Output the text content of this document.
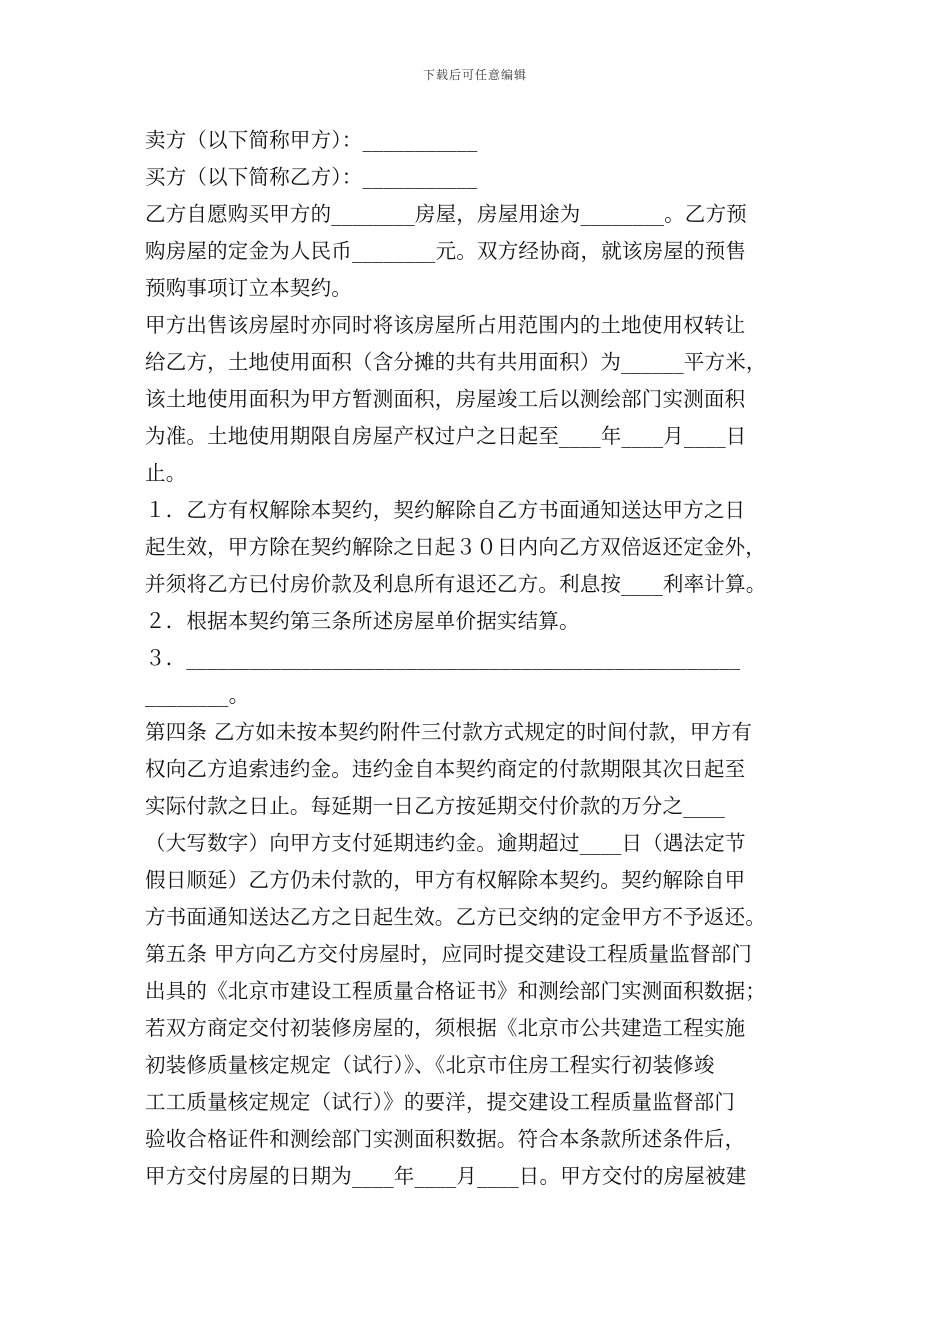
下载后可任意编辑
卖方（以下简称甲方）：___________
买方（以下简称乙方）：___________
乙方自愿购买甲方的________房屋，房屋用途为________。乙方预
购房屋的定金为人民币________元。双方经协商，就该房屋的预售
预购事项订立本契约。
甲方出售该房屋时亦同时将该房屋所占用范围内的土地使用权转让
给乙方，土地使用面积（含分摊的共有共用面积）为______平方米，
该土地使用面积为甲方暂测面积，房屋竣工后以测绘部门实测面积
为准。土地使用期限自房屋产权过户之日起至____年____月____日
止。
１．乙方有权解除本契约，契约解除自乙方书面通知送达甲方之日
起生效，甲方除在契约解除之日起３０日内向乙方双倍返还定金外，
并须将乙方已付房价款及利息所有退还乙方。利息按____利率计算。
２．根据本契约第三条所述房屋单价据实结算。
３．_____________________________________________________
________。
第四条 乙方如未按本契约附件三付款方式规定的时间付款，甲方有
权向乙方追索违约金。违约金自本契约商定的付款期限其次日起至
实际付款之日止。每延期一日乙方按延期交付价款的万分之____
（大写数字）向甲方支付延期违约金。逾期超过____日（遇法定节
假日顺延）乙方仍未付款的，甲方有权解除本契约。契约解除自甲
方书面通知送达乙方之日起生效。乙方已交纳的定金甲方不予返还。
第五条 甲方向乙方交付房屋时，应同时提交建设工程质量监督部门
出具的《北京市建设工程质量合格证书》和测绘部门实测面积数据；
若双方商定交付初装修房屋的，须根据《北京市公共建造工程实施
初装修质量核定规定（试行）》、《北京市住房工程实行初装修竣
工工质量核定规定（试行）》的要洋，提交建设工程质量监督部门
验收合格证件和测绘部门实测面积数据。符合本条款所述条件后，
甲方交付房屋的日期为____年____月____日。甲方交付的房屋被建
